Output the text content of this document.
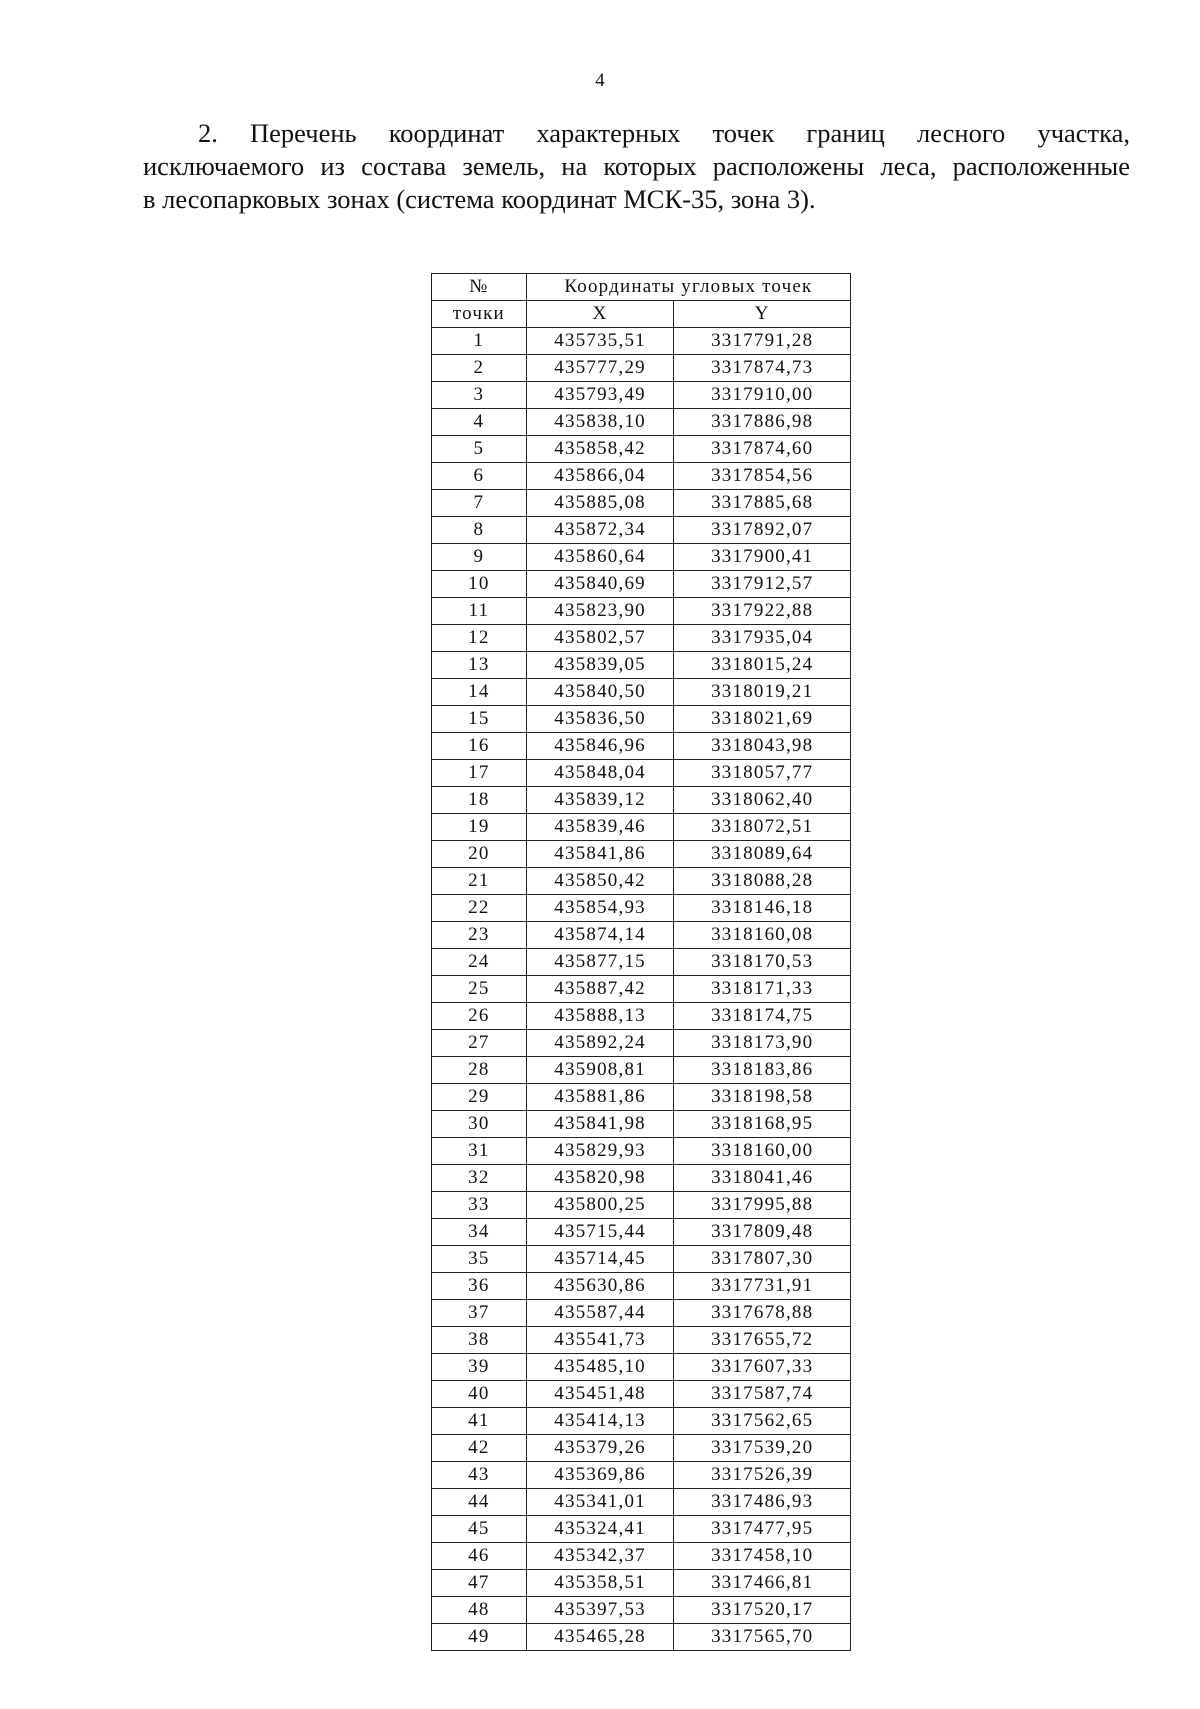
4
2. Перечень координат характерных точек границ лесного участка,
исключаемого из состава земель, на которых расположены леса, расположенные
в лесопарковых зонах (система координат МСК-35, зона 3).
№	Координаты угловых точек	
точки	X	Y
1	435735,51	3317791,28
2	435777,29	3317874,73
3	435793,49	3317910,00
4	435838,10	3317886,98
5	435858,42	3317874,60
6	435866,04	3317854,56
7	435885,08	3317885,68
8	435872,34	3317892,07
9	435860,64	3317900,41
10	435840,69	3317912,57
11	435823,90	3317922,88
12	435802,57	3317935,04
13	435839,05	3318015,24
14	435840,50	3318019,21
15	435836,50	3318021,69
16	435846,96	3318043,98
17	435848,04	3318057,77
18	435839,12	3318062,40
19	435839,46	3318072,51
20	435841,86	3318089,64
21	435850,42	3318088,28
22	435854,93	3318146,18
23	435874,14	3318160,08
24	435877,15	3318170,53
25	435887,42	3318171,33
26	435888,13	3318174,75
27	435892,24	3318173,90
28	435908,81	3318183,86
29	435881,86	3318198,58
30	435841,98	3318168,95
31	435829,93	3318160,00
32	435820,98	3318041,46
33	435800,25	3317995,88
34	435715,44	3317809,48
35	435714,45	3317807,30
36	435630,86	3317731,91
37	435587,44	3317678,88
38	435541,73	3317655,72
39	435485,10	3317607,33
40	435451,48	3317587,74
41	435414,13	3317562,65
42	435379,26	3317539,20
43	435369,86	3317526,39
44	435341,01	3317486,93
45	435324,41	3317477,95
46	435342,37	3317458,10
47	435358,51	3317466,81
48	435397,53	3317520,17
49	435465,28	3317565,70
